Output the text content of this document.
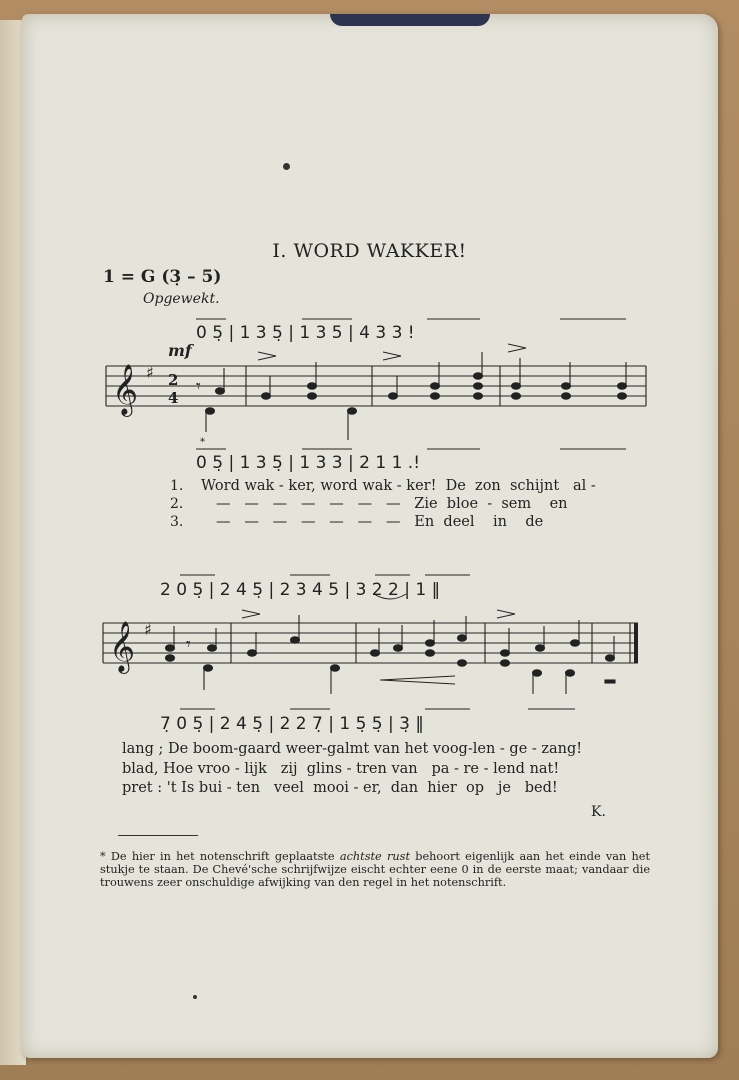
I. WORD WAKKER!
1 = G (3̣ – 5)
Opgewekt.
𝄞
𝄞
♯
♯
mf
2
4
𝄾
*
𝄾
0 5̣ | 1 3 5̣ | 1 3 5 | 4 3 3 !
0 5̣ | 1 3 5̣ | 1 3 3 | 2 1 1 .!
2 0 5̣ | 2 4 5̣ | 2 3 4 5 | 3 2 2 | 1 ‖
7̣ 0 5̣ | 2 4 5̣ | 2 2 7̣ | 1 5̣ 5̣ | 3̣ ‖
1.
2.
3.
Word wak - ker, word wak - ker!  De  zon  schijnt   al -
—   —   —   —   —   —   —   Zie  bloe  -  sem    en
—   —   —   —   —   —   —   En  deel    in    de
lang ; De boom-gaard weer-galmt van het voog-len - ge - zang!
blad, Hoe vroo - lijk   zij  glins - tren van   pa - re - lend nat!
pret : 't Is bui - ten   veel  mooi - er,  dan  hier  op   je   bed!
K.
* De hier in het notenschrift geplaatste achtste rust behoort eigenlijk aan het einde van het stukje te staan. De Chevé'sche schrijfwijze eischt echter eene 0 in de eerste maat; vandaar die trouwens zeer onschuldige afwijking van den regel in het notenschrift.
